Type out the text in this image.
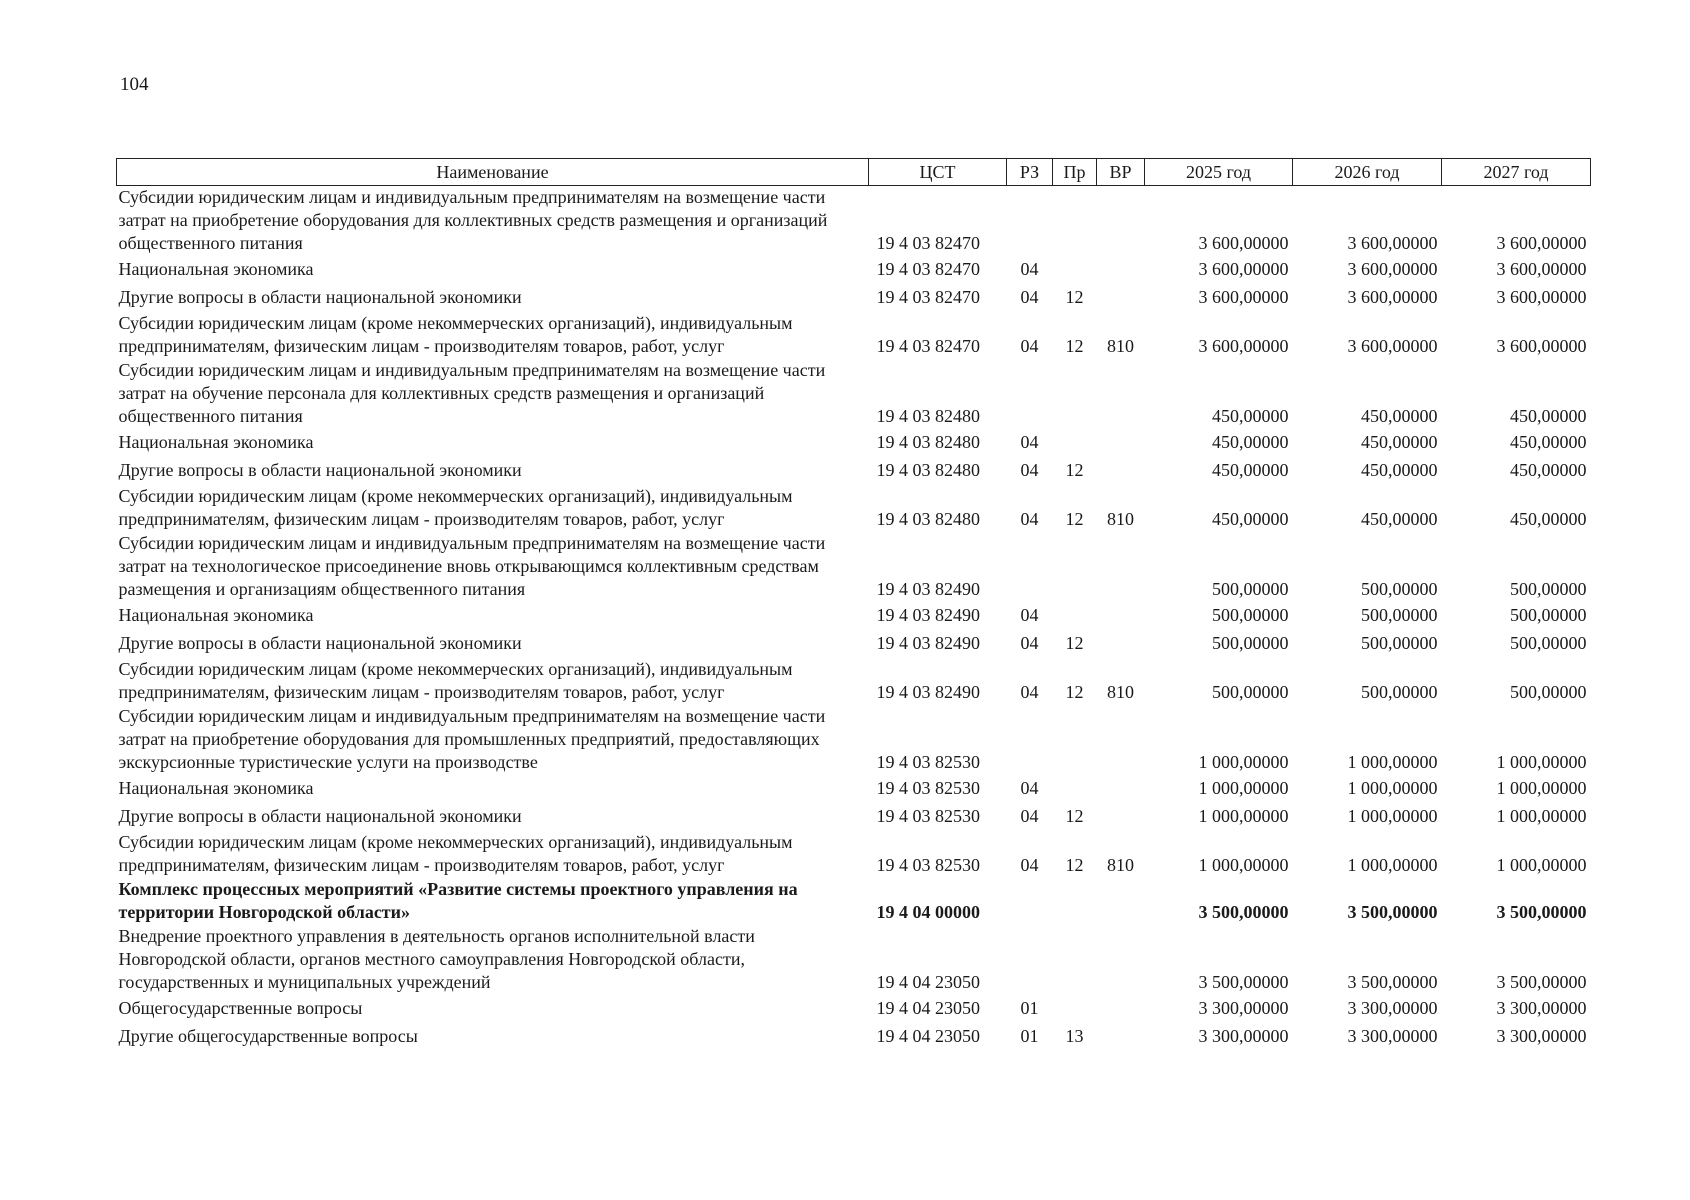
104
Наименование	ЦСТ	РЗ	Пр	ВР	2025 год	2026 год	2027 год
Субсидии юридическим лицам и индивидуальным предпринимателям на возмещение части затрат на приобретение оборудования для коллективных средств размещения и организаций общественного питания	19 4 03 82470				3 600,00000	3 600,00000	3 600,00000
Национальная экономика	19 4 03 82470	04			3 600,00000	3 600,00000	3 600,00000
Другие вопросы в области национальной экономики	19 4 03 82470	04	12		3 600,00000	3 600,00000	3 600,00000
Субсидии юридическим лицам (кроме некоммерческих организаций), индивидуальным предпринимателям, физическим лицам - производителям товаров, работ, услуг	19 4 03 82470	04	12	810	3 600,00000	3 600,00000	3 600,00000
Субсидии юридическим лицам и индивидуальным предпринимателям на возмещение части затрат на обучение персонала для коллективных средств размещения и организаций общественного питания	19 4 03 82480				450,00000	450,00000	450,00000
Национальная экономика	19 4 03 82480	04			450,00000	450,00000	450,00000
Другие вопросы в области национальной экономики	19 4 03 82480	04	12		450,00000	450,00000	450,00000
Субсидии юридическим лицам (кроме некоммерческих организаций), индивидуальным предпринимателям, физическим лицам - производителям товаров, работ, услуг	19 4 03 82480	04	12	810	450,00000	450,00000	450,00000
Субсидии юридическим лицам и индивидуальным предпринимателям на возмещение части затрат на технологическое присоединение вновь открывающимся коллективным средствам размещения и организациям общественного питания	19 4 03 82490				500,00000	500,00000	500,00000
Национальная экономика	19 4 03 82490	04			500,00000	500,00000	500,00000
Другие вопросы в области национальной экономики	19 4 03 82490	04	12		500,00000	500,00000	500,00000
Субсидии юридическим лицам (кроме некоммерческих организаций), индивидуальным предпринимателям, физическим лицам - производителям товаров, работ, услуг	19 4 03 82490	04	12	810	500,00000	500,00000	500,00000
Субсидии юридическим лицам и индивидуальным предпринимателям на возмещение части затрат на приобретение оборудования для промышленных предприятий, предоставляющих экскурсионные туристические услуги на производстве	19 4 03 82530				1 000,00000	1 000,00000	1 000,00000
Национальная экономика	19 4 03 82530	04			1 000,00000	1 000,00000	1 000,00000
Другие вопросы в области национальной экономики	19 4 03 82530	04	12		1 000,00000	1 000,00000	1 000,00000
Субсидии юридическим лицам (кроме некоммерческих организаций), индивидуальным предпринимателям, физическим лицам - производителям товаров, работ, услуг	19 4 03 82530	04	12	810	1 000,00000	1 000,00000	1 000,00000
Комплекс процессных мероприятий «Развитие системы проектного управления на территории Новгородской области»	19 4 04 00000				3 500,00000	3 500,00000	3 500,00000
Внедрение проектного управления в деятельность органов исполнительной власти Новгородской области, органов местного самоуправления Новгородской области, государственных и муниципальных учреждений	19 4 04 23050				3 500,00000	3 500,00000	3 500,00000
Общегосударственные вопросы	19 4 04 23050	01			3 300,00000	3 300,00000	3 300,00000
Другие общегосударственные вопросы	19 4 04 23050	01	13		3 300,00000	3 300,00000	3 300,00000
